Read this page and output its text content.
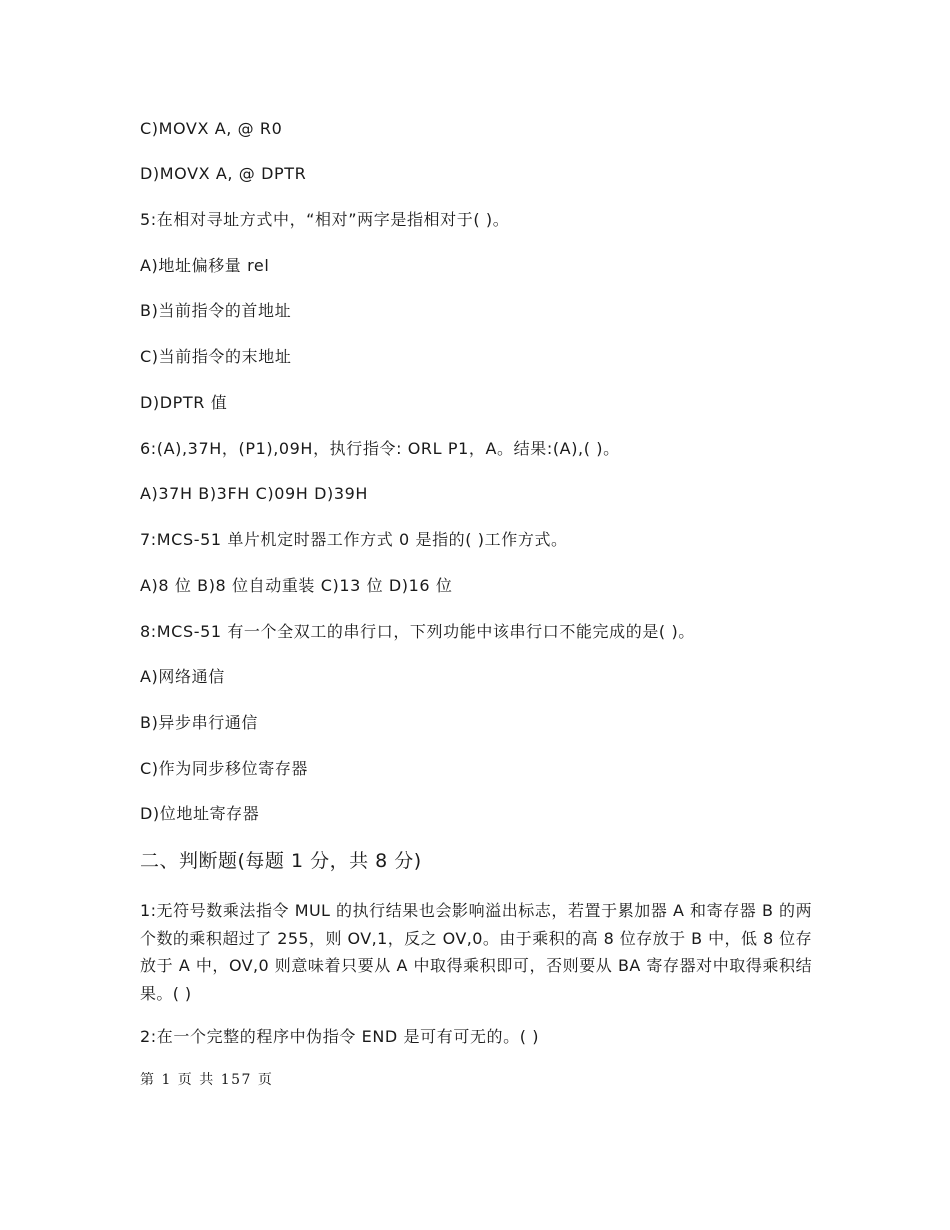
C)MOVX A, @ R0
D)MOVX A, @ DPTR
5:在相对寻址方式中，“相对”两字是指相对于( )。
A)地址偏移量 rel
B)当前指令的首地址
C)当前指令的末地址
D)DPTR 值
6:(A),37H，(P1),09H，执行指令: ORL P1，A。结果:(A),( )。
A)37H B)3FH C)09H D)39H
7:MCS-51 单片机定时器工作方式 0 是指的( )工作方式。
A)8 位 B)8 位自动重装 C)13 位 D)16 位
8:MCS-51 有一个全双工的串行口，下列功能中该串行口不能完成的是( )。
A)网络通信
B)异步串行通信
C)作为同步移位寄存器
D)位地址寄存器
二、判断题(每题 1 分，共 8 分)
1:无符号数乘法指令 MUL 的执行结果也会影响溢出标志，若置于累加器 A 和寄存器 B 的两个数的乘积超过了 255，则 OV,1，反之 OV,0。由于乘积的高 8 位存放于 B 中，低 8 位存放于 A 中，OV,0 则意味着只要从 A 中取得乘积即可，否则要从 BA 寄存器对中取得乘积结果。( )
2:在一个完整的程序中伪指令 END 是可有可无的。( )
第 1 页 共 157 页
